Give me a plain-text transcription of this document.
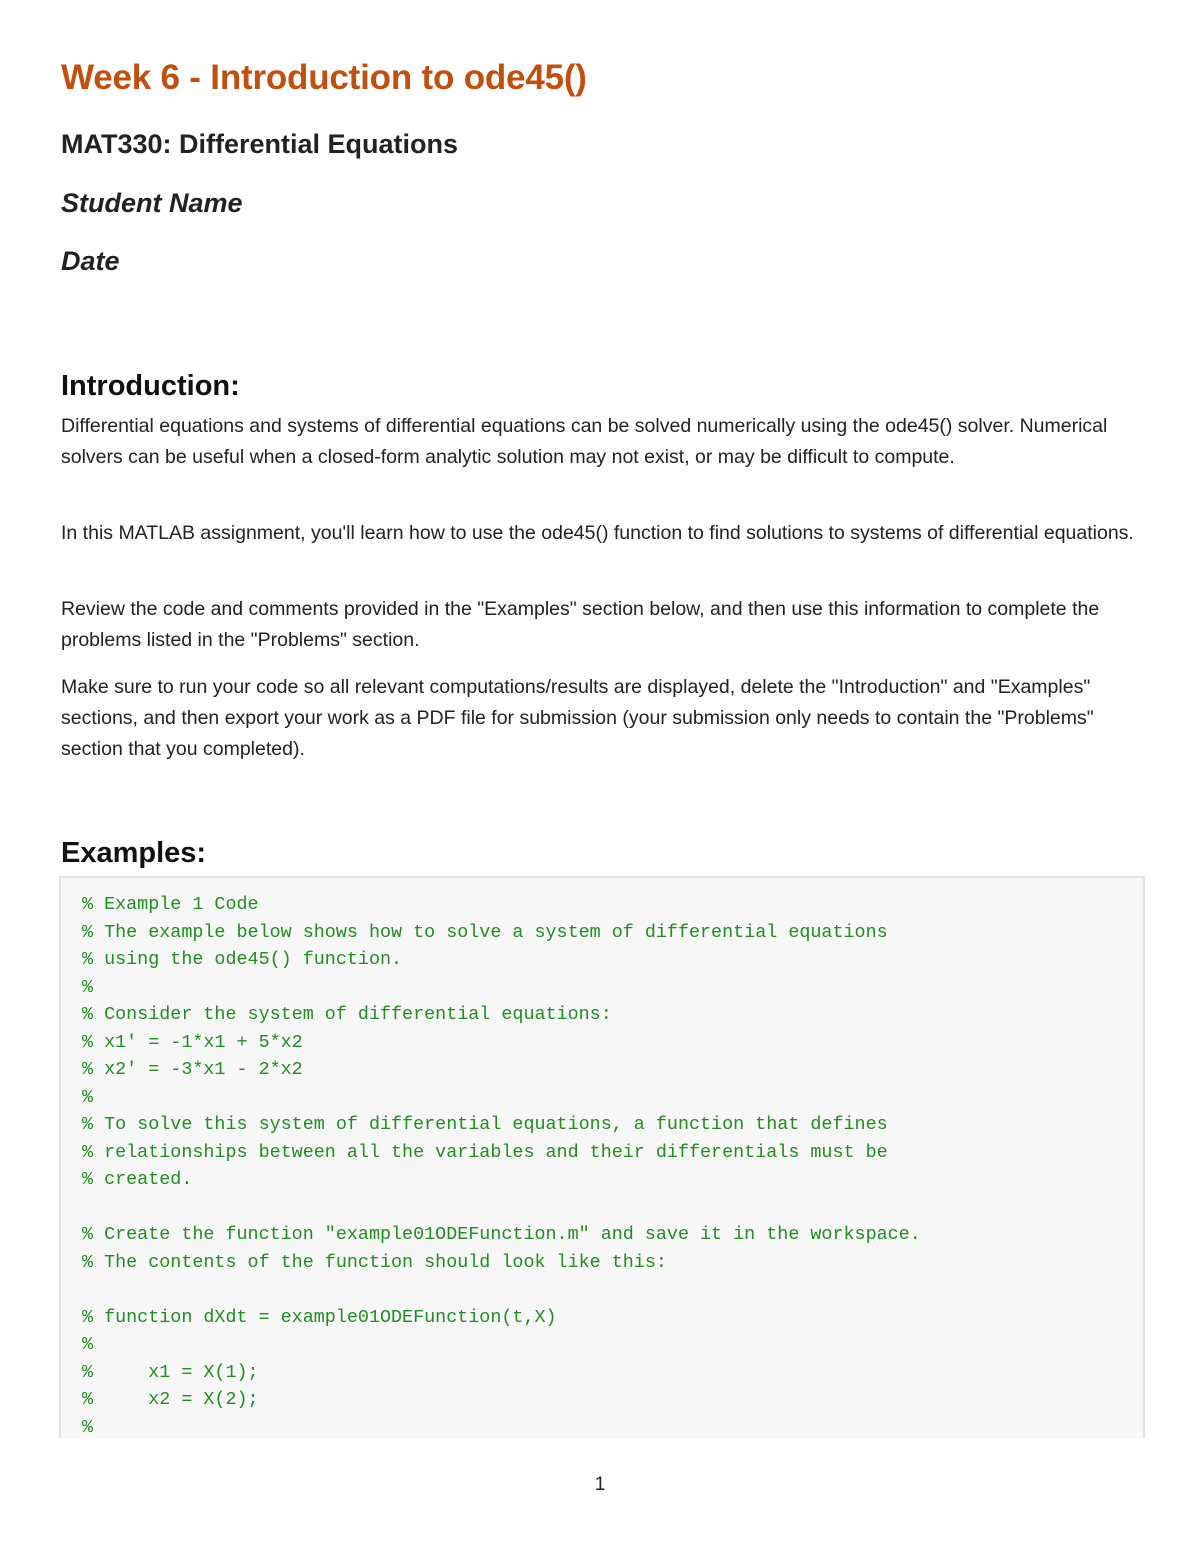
Week 6 - Introduction to ode45()
MAT330: Differential Equations
Student Name
Date
Introduction:

Differential equations and systems of differential equations can be solved numerically using the ode45() solver. Numerical solvers can be useful when a closed-form analytic solution may not exist, or may be difficult to compute.

In this MATLAB assignment, you'll learn how to use the ode45() function to find solutions to systems of differential equations.

Review the code and comments provided in the "Examples" section below, and then use this information to complete the problems listed in the "Problems" section.

Make sure to run your code so all relevant computations/results are displayed, delete the "Introduction" and "Examples" sections, and then export your work as a PDF file for submission (your submission only needs to contain the "Problems" section that you completed).

Examples:
% Example 1 Code
% The example below shows how to solve a system of differential equations
% using the ode45() function.
%
% Consider the system of differential equations:
% x1' = -1*x1 + 5*x2
% x2' = -3*x1 - 2*x2
%
% To solve this system of differential equations, a function that defines
% relationships between all the variables and their differentials must be
% created.
% Create the function "example01ODEFunction.m" and save it in the workspace.
% The contents of the function should look like this:
% function dXdt = example01ODEFunction(t,X)
%
%     x1 = X(1);
%     x2 = X(2);
%
1
